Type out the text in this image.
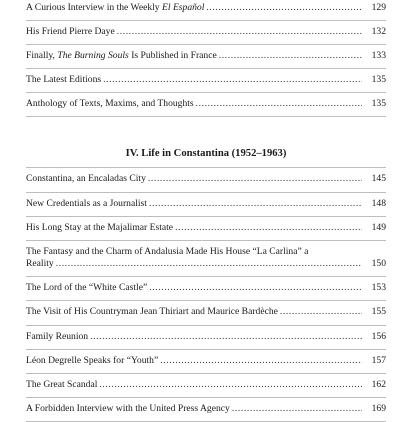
A Curious Interview in the Weekly El Español .....	129
His Friend Pierre Daye .....	132
Finally, The Burning Souls Is Published in France .....	133
The Latest Editions .....	135
Anthology of Texts, Maxims, and Thoughts .....	135
IV. Life in Constantina (1952–1963)
Constantina, an Encaladas City .....	145
New Credentials as a Journalist .....	148
His Long Stay at the Majalimar Estate .....	149
The Fantasy and the Charm of Andalusia Made His House “La Carlina” a
Reality .....	150
The Lord of the “White Castle” .....	153
The Visit of His Countryman Jean Thiriart and Maurice Bardèche .....	155
Family Reunion .....	156
Léon Degrelle Speaks for “Youth” .....	157
The Great Scandal .....	162
A Forbidden Interview with the United Press Agency .....	169
